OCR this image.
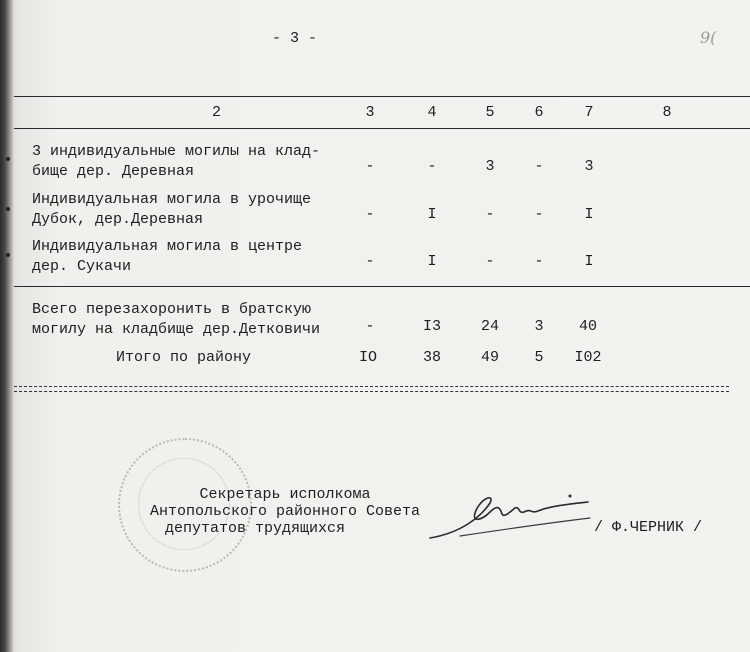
- 3 -	9(
2	3	4	5	6	7	8
3 индивидуальные могилы на клад-
бище дер. Деревная	-	-	3	-	3
Индивидуальная могила в урочище
Дубок, дер.Деревная	-	I	-	-	I
Индивидуальная могила в центре
дер. Сукачи	-	I	-	-	I
Всего перезахоронить в братскую
могилу на кладбище дер.Детковичи	-	I3	24	3	40
Итого по району	IO	38	49	5	I02
Секретарь исполкома
Антопольского районного Совета
депутатов трудящихся	/ Ф.ЧЕРНИК /
